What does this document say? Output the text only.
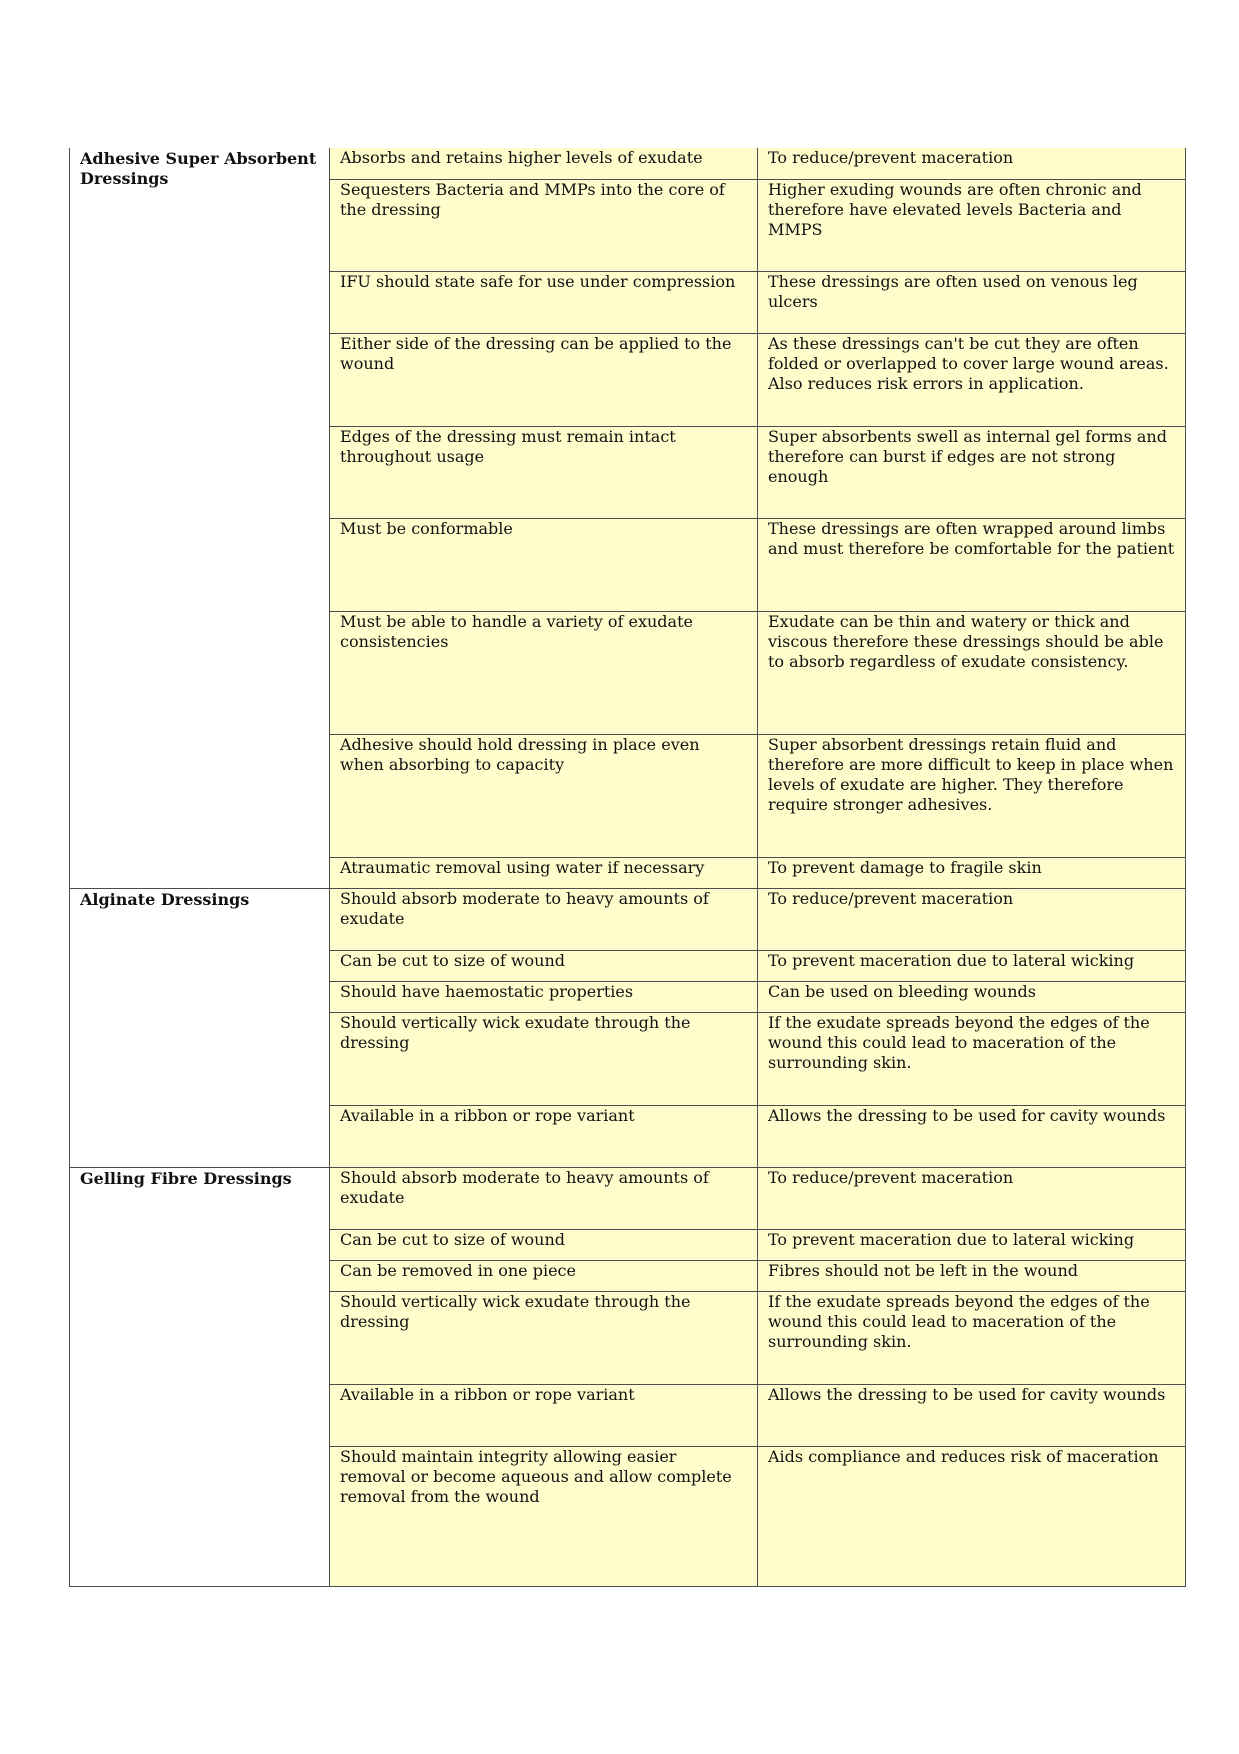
Adhesive Super Absorbent Dressings	Absorbs and retains higher levels of exudate	To reduce/prevent maceration
	Sequesters Bacteria and MMPs into the core of the dressing	Higher exuding wounds are often chronic and therefore have elevated levels Bacteria and MMPS
	IFU should state safe for use under compression	These dressings are often used on venous leg ulcers
	Either side of the dressing can be applied to the wound	As these dressings can't be cut they are often folded or overlapped to cover large wound areas. Also reduces risk errors in application.
	Edges of the dressing must remain intact throughout usage	Super absorbents swell as internal gel forms and therefore can burst if edges are not strong enough
	Must be conformable	These dressings are often wrapped around limbs and must therefore be comfortable for the patient
	Must be able to handle a variety of exudate consistencies	Exudate can be thin and watery or thick and viscous therefore these dressings should be able to absorb regardless of exudate consistency.
	Adhesive should hold dressing in place even when absorbing to capacity	Super absorbent dressings retain fluid and therefore are more difficult to keep in place when levels of exudate are higher. They therefore require stronger adhesives.
	Atraumatic removal using water if necessary	To prevent damage to fragile skin
Alginate Dressings	Should absorb moderate to heavy amounts of exudate	To reduce/prevent maceration
	Can be cut to size of wound	To prevent maceration due to lateral wicking
	Should have haemostatic properties	Can be used on bleeding wounds
	Should vertically wick exudate through the dressing	If the exudate spreads beyond the edges of the wound this could lead to maceration of the surrounding skin.
	Available in a ribbon or rope variant	Allows the dressing to be used for cavity wounds
Gelling Fibre Dressings	Should absorb moderate to heavy amounts of exudate	To reduce/prevent maceration
	Can be cut to size of wound	To prevent maceration due to lateral wicking
	Can be removed in one piece	Fibres should not be left in the wound
	Should vertically wick exudate through the dressing	If the exudate spreads beyond the edges of the wound this could lead to maceration of the surrounding skin.
	Available in a ribbon or rope variant	Allows the dressing to be used for cavity wounds
	Should maintain integrity allowing easier removal or become aqueous and allow complete removal from the wound	Aids compliance and reduces risk of maceration
